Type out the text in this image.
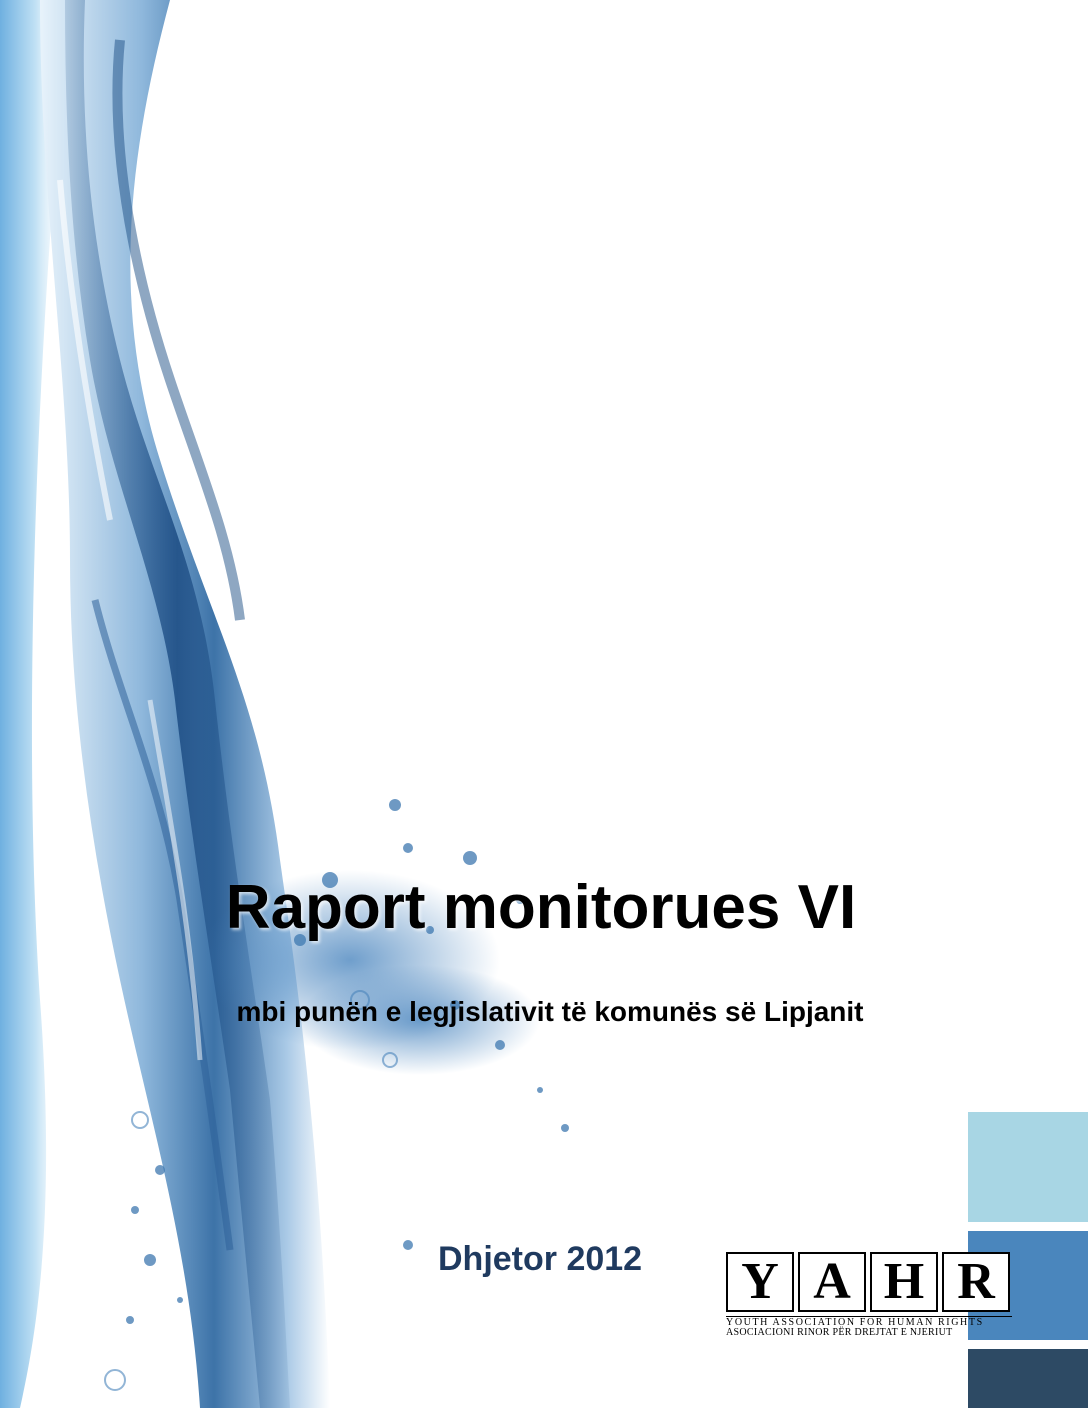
Raport monitorues VI
mbi punën e legjislativit të komunës së Lipjanit
Dhjetor 2012 Y A H R
YOUTH ASSOCIATION FOR HUMAN RIGHTS
ASOCIACIONI RINOR PËR DREJTAT E NJERIUT
